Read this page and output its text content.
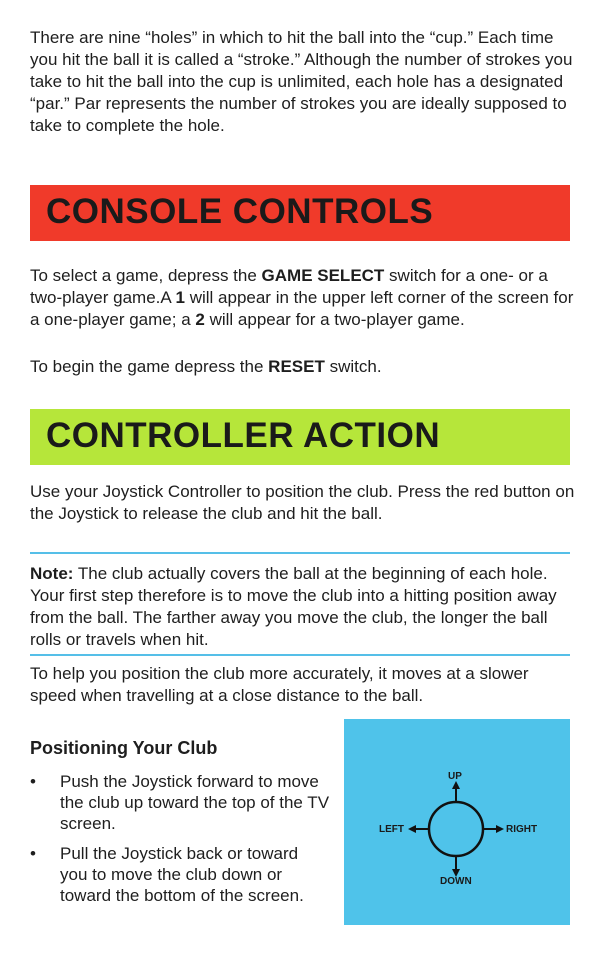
There are nine “holes” in which to hit the ball into the “cup.” Each time you hit the ball it is called a “stroke.” Although the number of strokes you take to hit the ball into the cup is unlimited, each hole has a designated “par.” Par represents the number of strokes you are ideally supposed to take to complete the hole.

CONSOLE CONTROLS

To select a game, depress the GAME SELECT switch for a one- or a two-player game.A 1 will appear in the upper left corner of the screen for a one-player game; a 2 will appear for a two-player game.

To begin the game depress the RESET switch.

CONTROLLER ACTION

Use your Joystick Controller to position the club. Press the red button on the Joystick to release the club and hit the ball.

Note: The club actually covers the ball at the beginning of each hole. Your first step therefore is to move the club into a hitting position away from the ball. The farther away you move the club, the longer the ball rolls or travels when hit.

To help you position the club more accurately, it moves at a slower speed when travelling at a close distance to the ball.

Positioning Your Club

• Push the Joystick forward to move the club up toward the top of the TV screen.
• Pull the Joystick back or toward you to move the club down or toward the bottom of the screen.
UP
DOWN
LEFT	RIGHT
